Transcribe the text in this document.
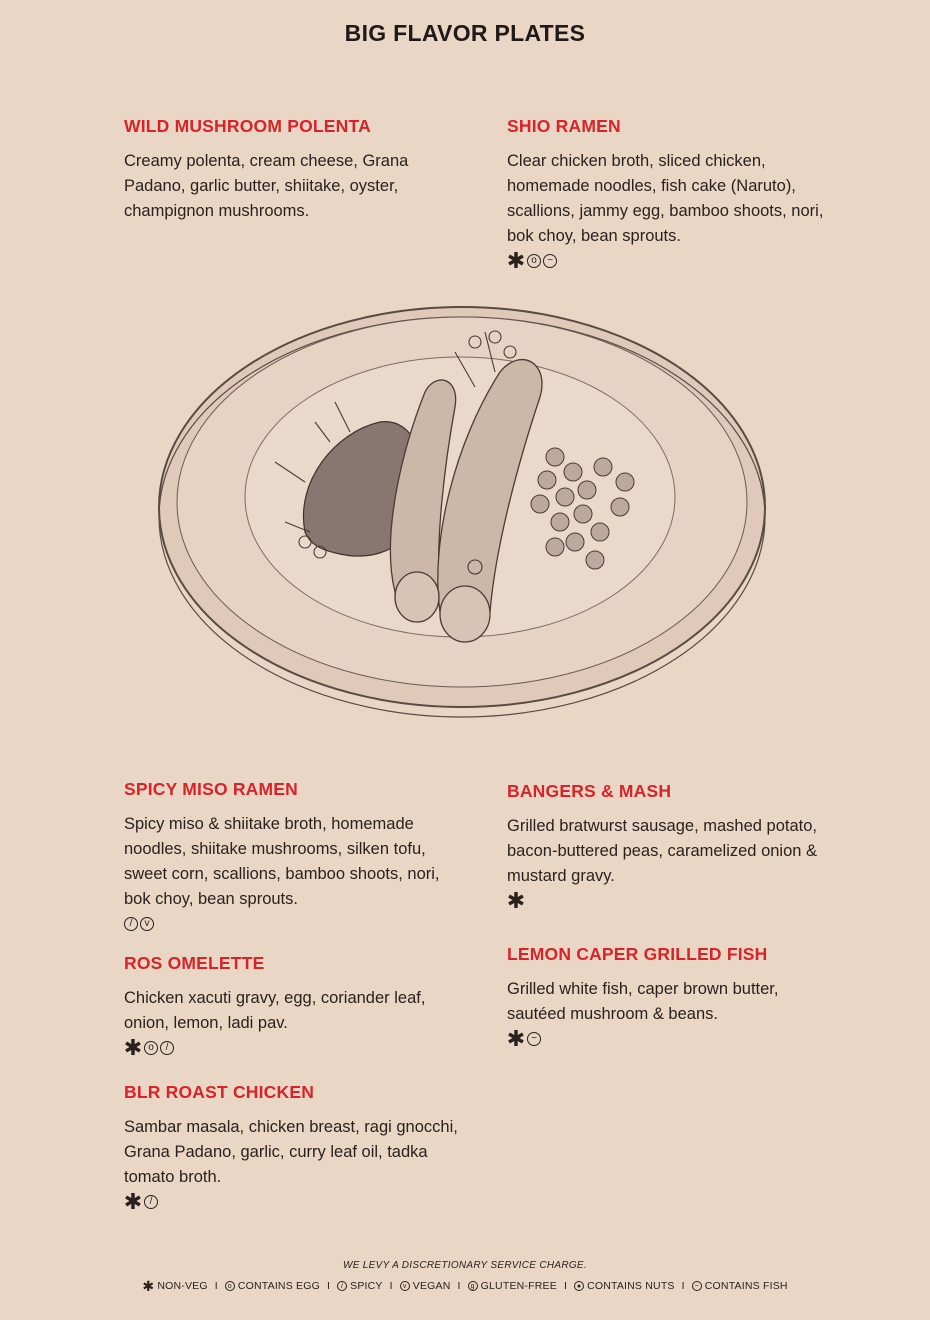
BIG FLAVOR PLATES
WILD MUSHROOM POLENTA

Creamy polenta, cream cheese, Grana Padano, garlic butter, shiitake, oyster, champignon mushrooms.

SHIO RAMEN

Clear chicken broth, sliced chicken, homemade noodles, fish cake (Naruto), scallions, jammy egg, bamboo shoots, nori, bok choy, bean sprouts.

✱ o	~
SPICY MISO RAMEN

Spicy miso & shiitake broth, homemade noodles, shiitake mushrooms, silken tofu, sweet corn, scallions, bamboo shoots, nori, bok choy, bean sprouts.

/	v
BANGERS & MASH

Grilled bratwurst sausage, mashed potato, bacon-buttered peas, caramelized onion & mustard gravy.

✱
ROS OMELETTE

Chicken xacuti gravy, egg, coriander leaf, onion, lemon, ladi pav.

✱ o	/
LEMON CAPER GRILLED FISH

Grilled white fish, caper brown butter, sautéed mushroom & beans.

✱ ~
BLR ROAST CHICKEN

Sambar masala, chicken breast, ragi gnocchi, Grana Padano, garlic, curry leaf oil, tadka tomato broth.

✱ /
WE LEVY A DISCRETIONARY SERVICE CHARGE.
✱ NON-VEG I	o CONTAINS EGG I	/ SPICY I	v VEGAN I	g GLUTEN-FREE I	● CONTAINS NUTS I	~ CONTAINS FISH
